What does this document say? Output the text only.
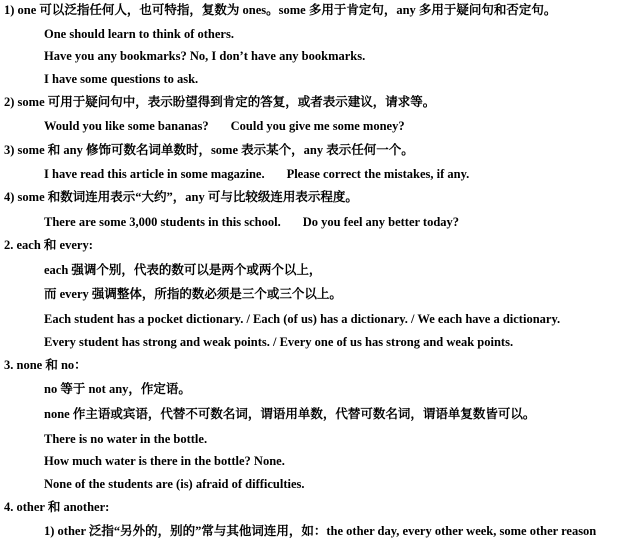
1) one 可以泛指任何人，也可特指，复数为 ones。some 多用于肯定句，any 多用于疑问句和否定句。
One should learn to think of others.
Have you any bookmarks? No, I don’t have any bookmarks.
I have some questions to ask.
2) some 可用于疑问句中，表示盼望得到肯定的答复，或者表示建议，请求等。
Would you like some bananas? Could you give me some money?
3) some 和 any 修饰可数名词单数时，some 表示某个，any 表示任何一个。
I have read this article in some magazine. Please correct the mistakes, if any.
4) some 和数词连用表示“大约”，any 可与比较级连用表示程度。
There are some 3,000 students in this school. Do you feel any better today?
2. each 和 every:
each 强调个别，代表的数可以是两个或两个以上，
而 every 强调整体，所指的数必须是三个或三个以上。
Each student has a pocket dictionary. / Each (of us) has a dictionary. / We each have a dictionary.
Every student has strong and weak points. / Every one of us has strong and weak points.
3. none 和 no：
no 等于 not any，作定语。
none 作主语或宾语，代替不可数名词，谓语用单数，代替可数名词，谓语单复数皆可以。
There is no water in the bottle.
How much water is there in the bottle? None.
None of the students are (is) afraid of difficulties.
4. other 和 another:
1) other 泛指“另外的，别的”常与其他词连用，如：the other day, every other week, some other reason
